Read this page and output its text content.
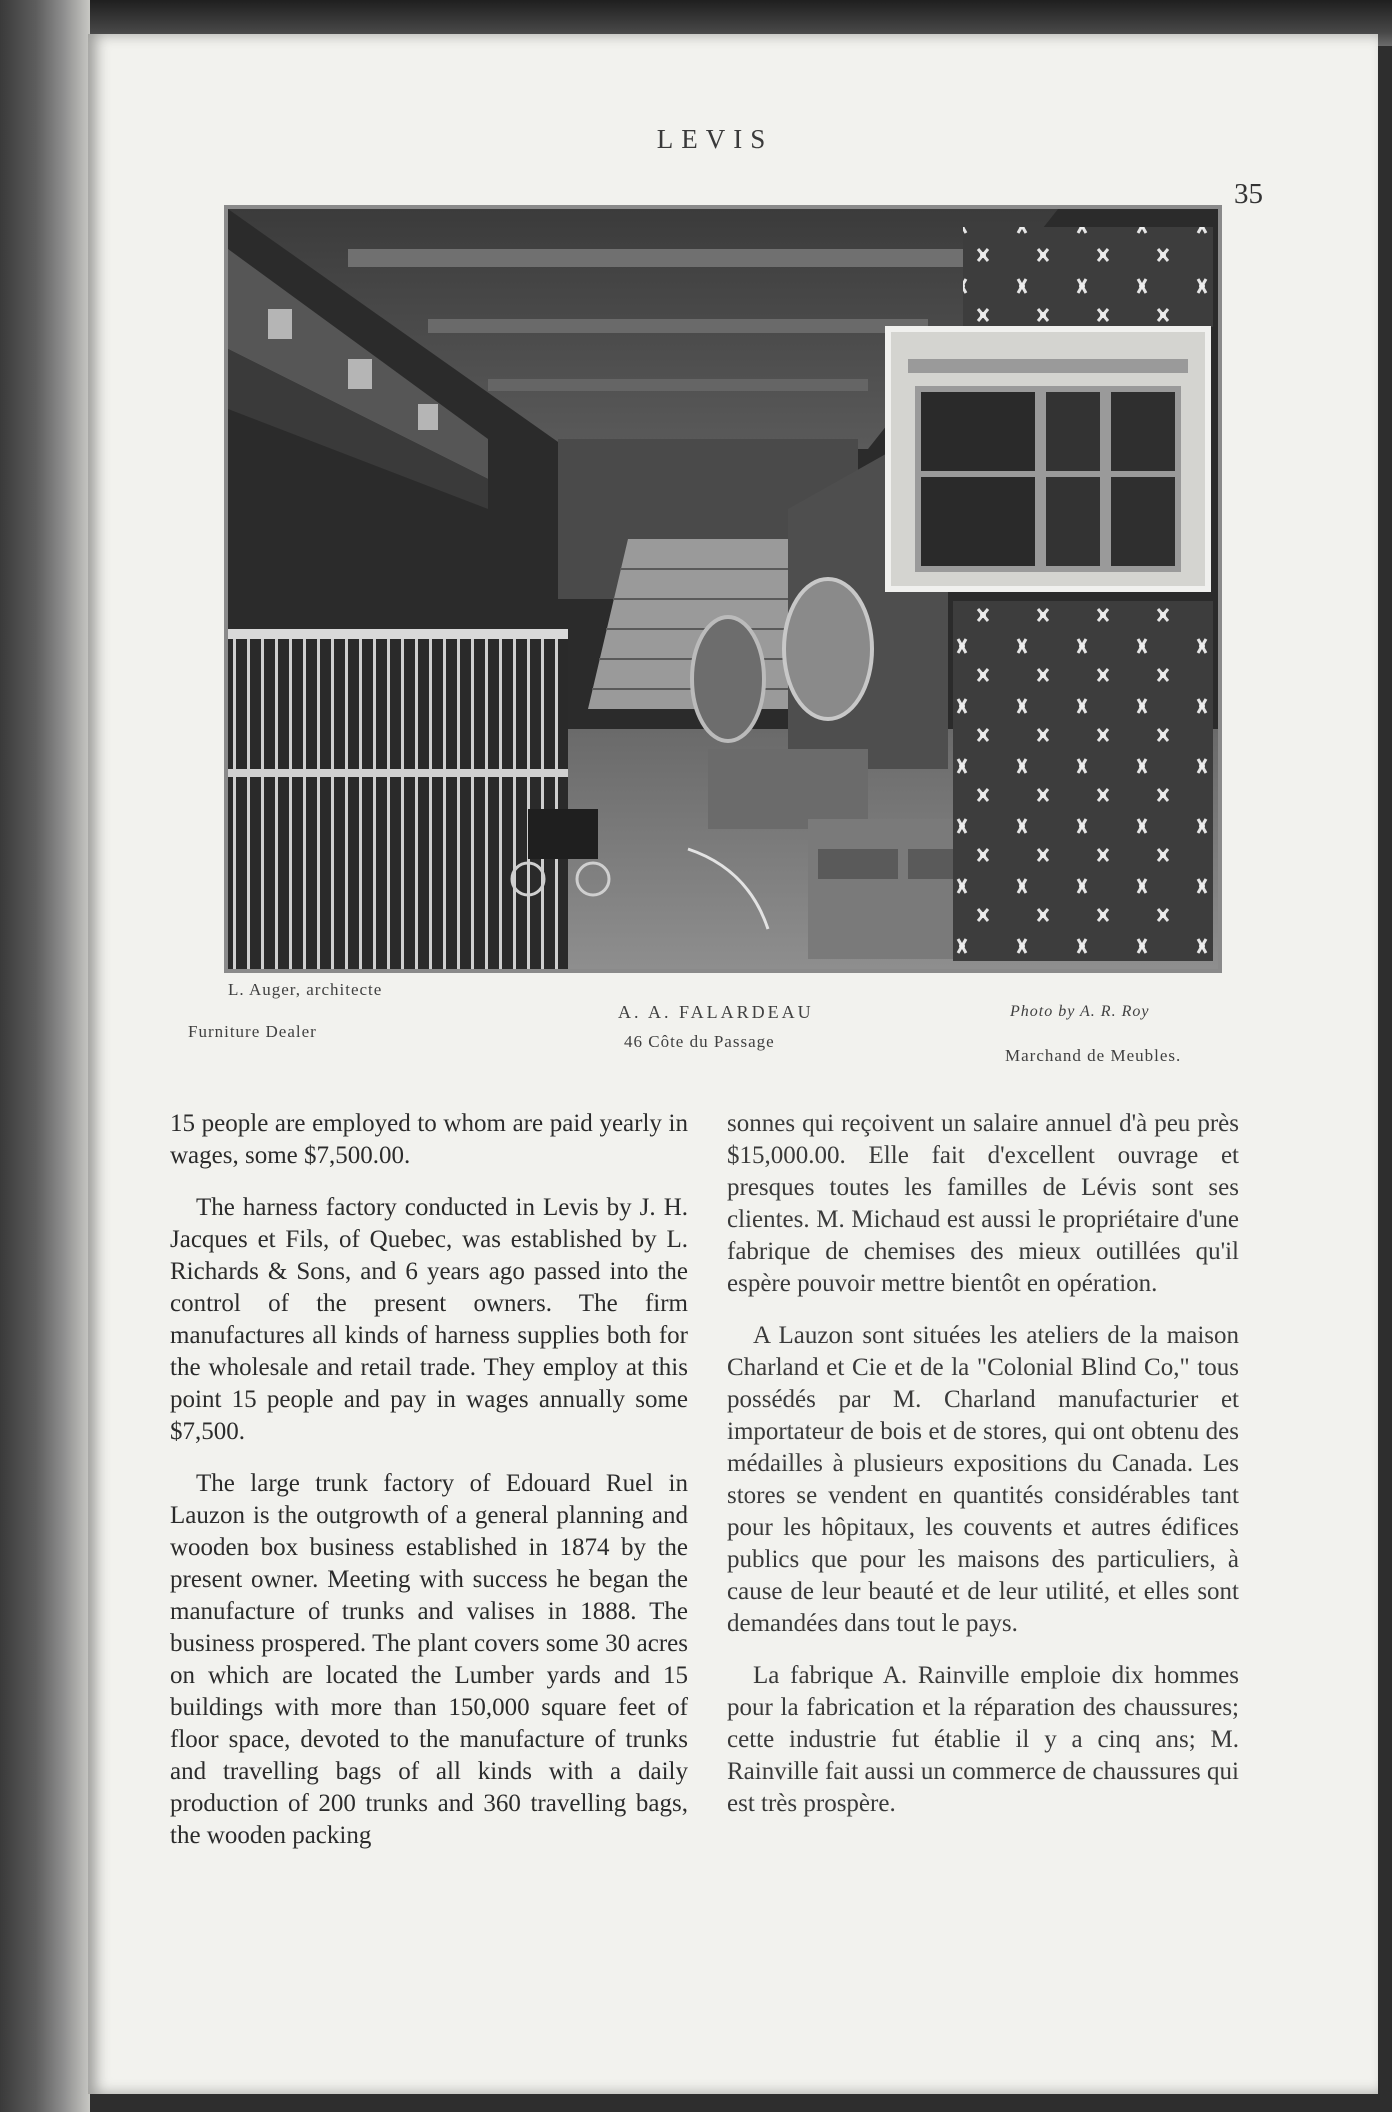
LEVIS
35
L. Auger, architecte
Photo by A. R. Roy
Furniture Dealer
A. A. FALARDEAU
46 Côte du Passage
Marchand de Meubles.

15 people are employed to whom are paid yearly in wages, some $7,500.00.

The harness factory conducted in Levis by J. H. Jacques et Fils, of Quebec, was established by L. Richards & Sons, and 6 years ago passed into the control of the present owners. The firm manufactures all kinds of harness supplies both for the wholesale and retail trade. They employ at this point 15 people and pay in wages annually some $7,500.

The large trunk factory of Edouard Ruel in Lauzon is the outgrowth of a general planning and wooden box business established in 1874 by the present owner. Meeting with success he began the manufacture of trunks and valises in 1888. The business prospered. The plant covers some 30 acres on which are located the Lumber yards and 15 buildings with more than 150,000 square feet of floor space, devoted to the manufacture of trunks and travelling bags of all kinds with a daily production of 200 trunks and 360 travelling bags, the wooden packing

sonnes qui reçoivent un salaire annuel d'à peu près $15,000.00. Elle fait d'excellent ouvrage et presques toutes les familles de Lévis sont ses clientes. M. Michaud est aussi le propriétaire d'une fabrique de chemises des mieux outillées qu'il espère pouvoir mettre bientôt en opération.

A Lauzon sont situées les ateliers de la maison Charland et Cie et de la "Colonial Blind Co," tous possédés par M. Charland manufacturier et importateur de bois et de stores, qui ont obtenu des médailles à plusieurs expositions du Canada. Les stores se vendent en quantités considérables tant pour les hôpitaux, les couvents et autres édifices publics que pour les maisons des particuliers, à cause de leur beauté et de leur utilité, et elles sont demandées dans tout le pays.

La fabrique A. Rainville emploie dix hommes pour la fabrication et la réparation des chaussures; cette industrie fut établie il y a cinq ans; M. Rainville fait aussi un commerce de chaussures qui est très prospère.
